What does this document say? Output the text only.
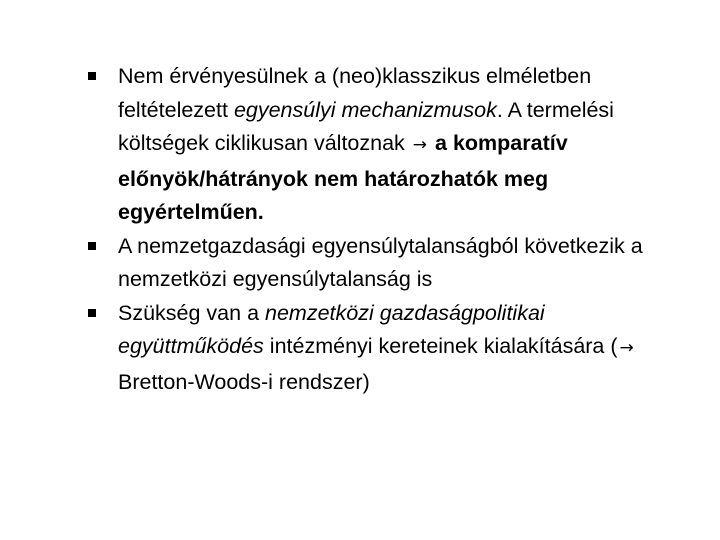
Nem érvényesülnek a (neo)klasszikus elméletben feltételezett egyensúlyi mechanizmusok. A termelési költségek ciklikusan változnak → a komparatív előnyök/hátrányok nem határozhatók meg egyértelműen.
A nemzetgazdasági egyensúlytalanságból következik a nemzetközi egyensúlytalanság is
Szükség van a nemzetközi gazdaságpolitikai együttműködés intézményi kereteinek kialakítására ( → Bretton-Woods-i rendszer)
